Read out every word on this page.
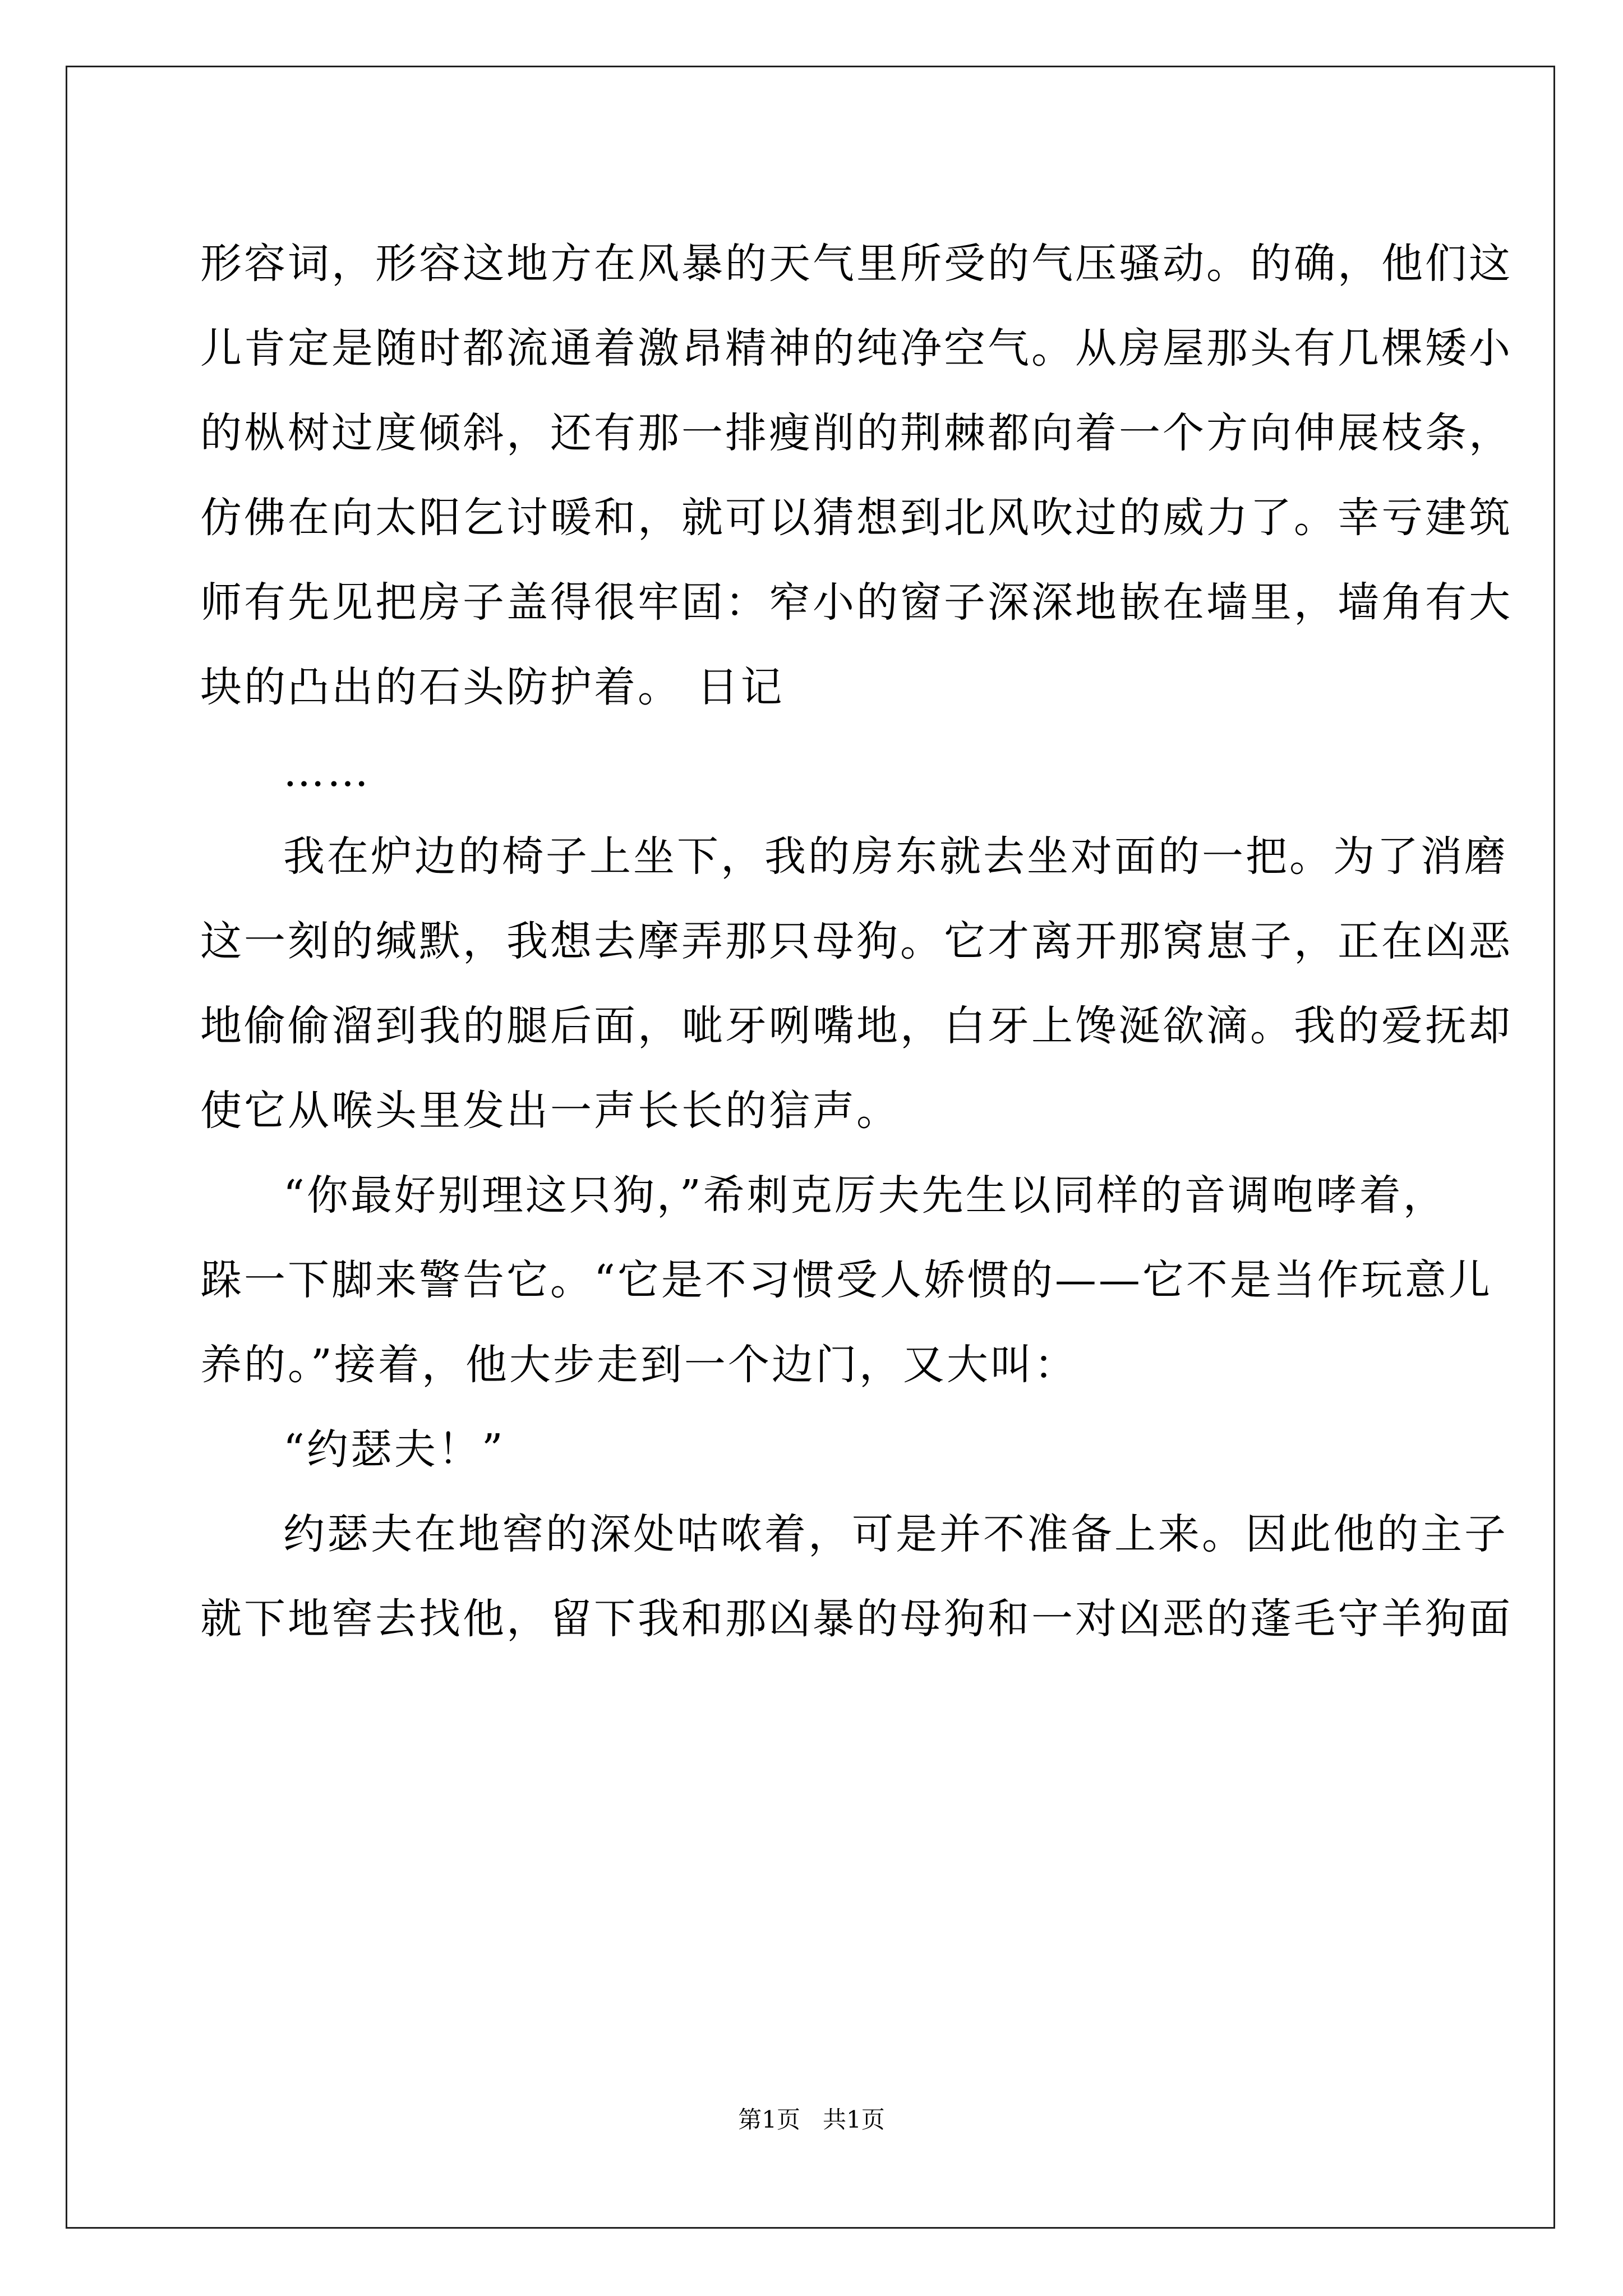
形容词，形容这地方在风暴的天气里所受的气压骚动。的确，他们这
儿肯定是随时都流通着激昂精神的纯净空气。从房屋那头有几棵矮小
的枞树过度倾斜，还有那一排瘦削的荆棘都向着一个方向伸展枝条，
仿佛在向太阳乞讨暖和，就可以猜想到北风吹过的威力了。幸亏建筑
师有先见把房子盖得很牢固：窄小的窗子深深地嵌在墙里，墙角有大
块的凸出的石头防护着。 日记
……
我在炉边的椅子上坐下，我的房东就去坐对面的一把。为了消磨
这一刻的缄默，我想去摩弄那只母狗。它才离开那窝崽子，正在凶恶
地偷偷溜到我的腿后面，呲牙咧嘴地，白牙上馋涎欲滴。我的爱抚却
使它从喉头里发出一声长长的狺声。
“你最好别理这只狗，”希刺克厉夫先生以同样的音调咆哮着，
跺一下脚来警告它。“它是不习惯受人娇惯的——它不是当作玩意儿
养的。”接着，他大步走到一个边门，又大叫：
“约瑟夫！”
约瑟夫在地窖的深处咕哝着，可是并不准备上来。因此他的主子
就下地窖去找他，留下我和那凶暴的母狗和一对凶恶的蓬毛守羊狗面
第1页   共1页
